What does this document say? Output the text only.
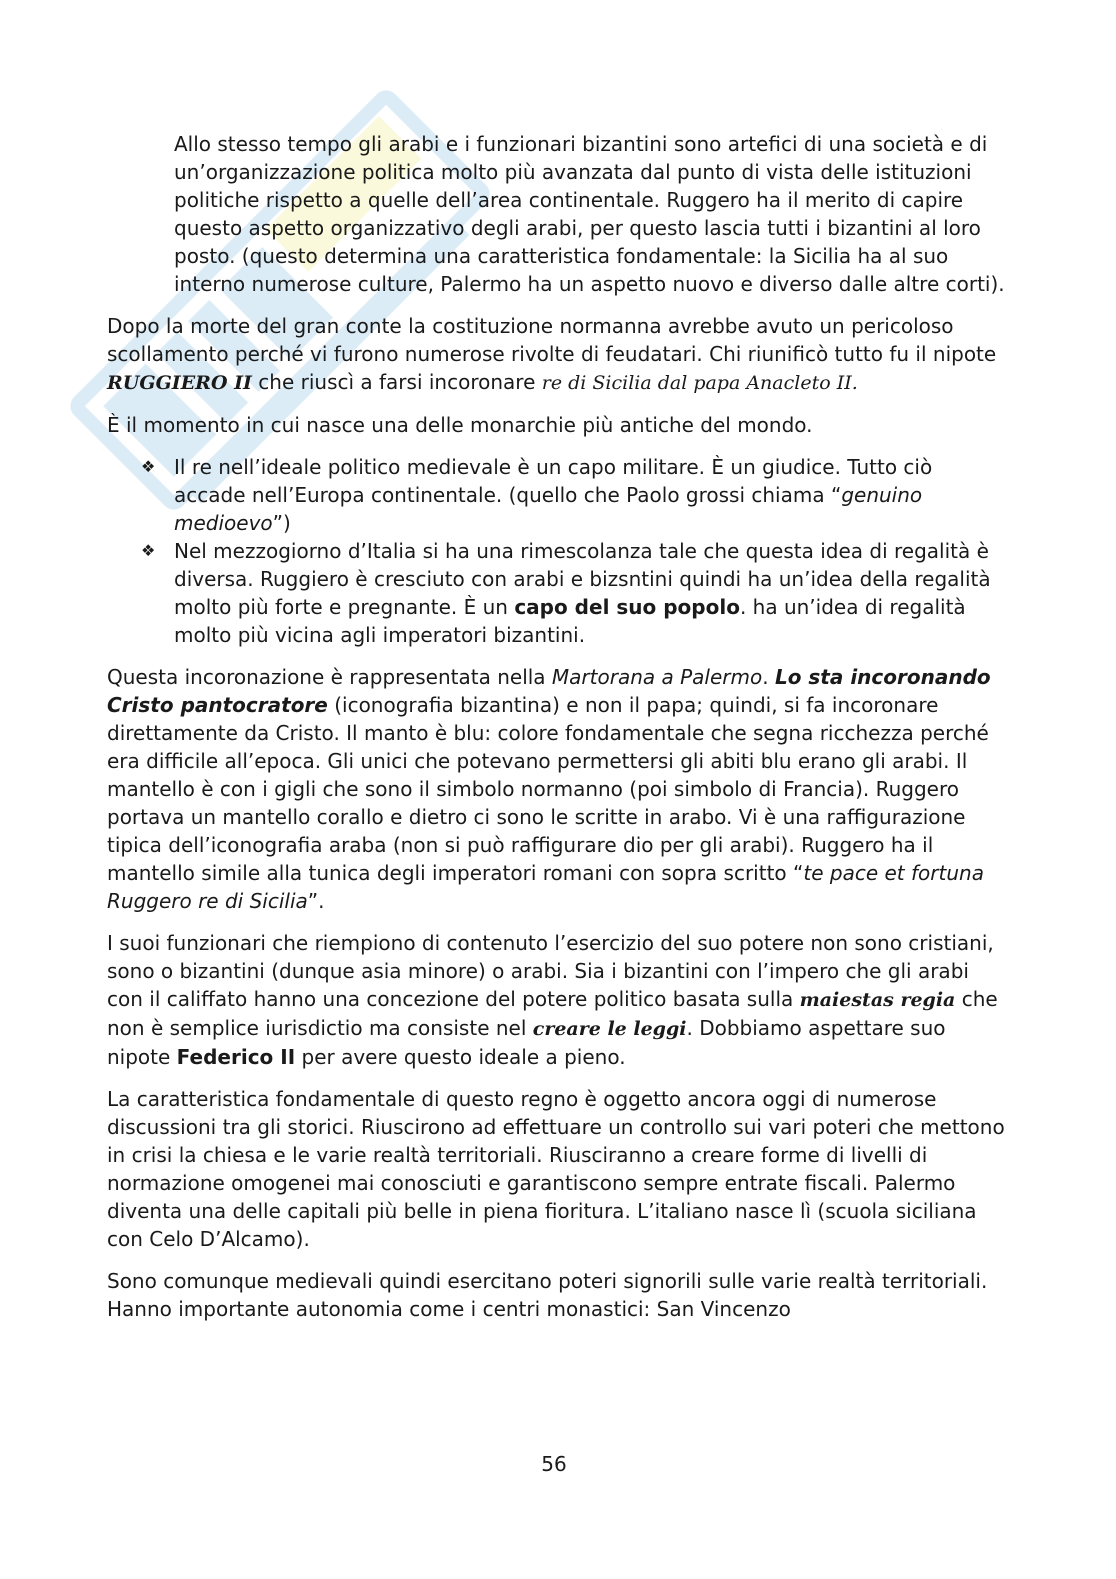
Allo stesso tempo gli arabi e i funzionari bizantini sono artefici di una società e di un’organizzazione politica molto più avanzata dal punto di vista delle istituzioni politiche rispetto a quelle dell’area continentale. Ruggero ha il merito di capire questo aspetto organizzativo degli arabi, per questo lascia tutti i bizantini al loro posto. (questo determina una caratteristica fondamentale: la Sicilia ha al suo interno numerose culture, Palermo ha un aspetto nuovo e diverso dalle altre corti).

Dopo la morte del gran conte la costituzione normanna avrebbe avuto un pericoloso scollamento perché vi furono numerose rivolte di feudatari. Chi riunificò tutto fu il nipote RUGGIERO II che riuscì a farsi incoronare re di Sicilia dal papa Anacleto II.

È il momento in cui nasce una delle monarchie più antiche del mondo.

❖ Il re nell’ideale politico medievale è un capo militare. È un giudice. Tutto ciò accade nell’Europa continentale. (quello che Paolo grossi chiama “genuino medioevo”)
❖ Nel mezzogiorno d’Italia si ha una rimescolanza tale che questa idea di regalità è diversa. Ruggiero è cresciuto con arabi e bizsntini quindi ha un’idea della regalità molto più forte e pregnante. È un capo del suo popolo. ha un’idea di regalità molto più vicina agli imperatori bizantini.

Questa incoronazione è rappresentata nella Martorana a Palermo. Lo sta incoronando Cristo pantocratore (iconografia bizantina) e non il papa; quindi, si fa incoronare direttamente da Cristo. Il manto è blu: colore fondamentale che segna ricchezza perché era difficile all’epoca. Gli unici che potevano permettersi gli abiti blu erano gli arabi. Il mantello è con i gigli che sono il simbolo normanno (poi simbolo di Francia). Ruggero portava un mantello corallo e dietro ci sono le scritte in arabo. Vi è una raffigurazione tipica dell’iconografia araba (non si può raffigurare dio per gli arabi). Ruggero ha il mantello simile alla tunica degli imperatori romani con sopra scritto “te pace et fortuna Ruggero re di Sicilia”.

I suoi funzionari che riempiono di contenuto l’esercizio del suo potere non sono cristiani, sono o bizantini (dunque asia minore) o arabi. Sia i bizantini con l’impero che gli arabi con il califfato hanno una concezione del potere politico basata sulla maiestas regia che non è semplice iurisdictio ma consiste nel creare le leggi. Dobbiamo aspettare suo nipote Federico II per avere questo ideale a pieno.

La caratteristica fondamentale di questo regno è oggetto ancora oggi di numerose discussioni tra gli storici. Riuscirono ad effettuare un controllo sui vari poteri che mettono in crisi la chiesa e le varie realtà territoriali. Riusciranno a creare forme di livelli di normazione omogenei mai conosciuti e garantiscono sempre entrate fiscali. Palermo diventa una delle capitali più belle in piena fioritura. L’italiano nasce lì (scuola siciliana con Celo D’Alcamo).

Sono comunque medievali quindi esercitano poteri signorili sulle varie realtà territoriali. Hanno importante autonomia come i centri monastici: San Vincenzo

56
